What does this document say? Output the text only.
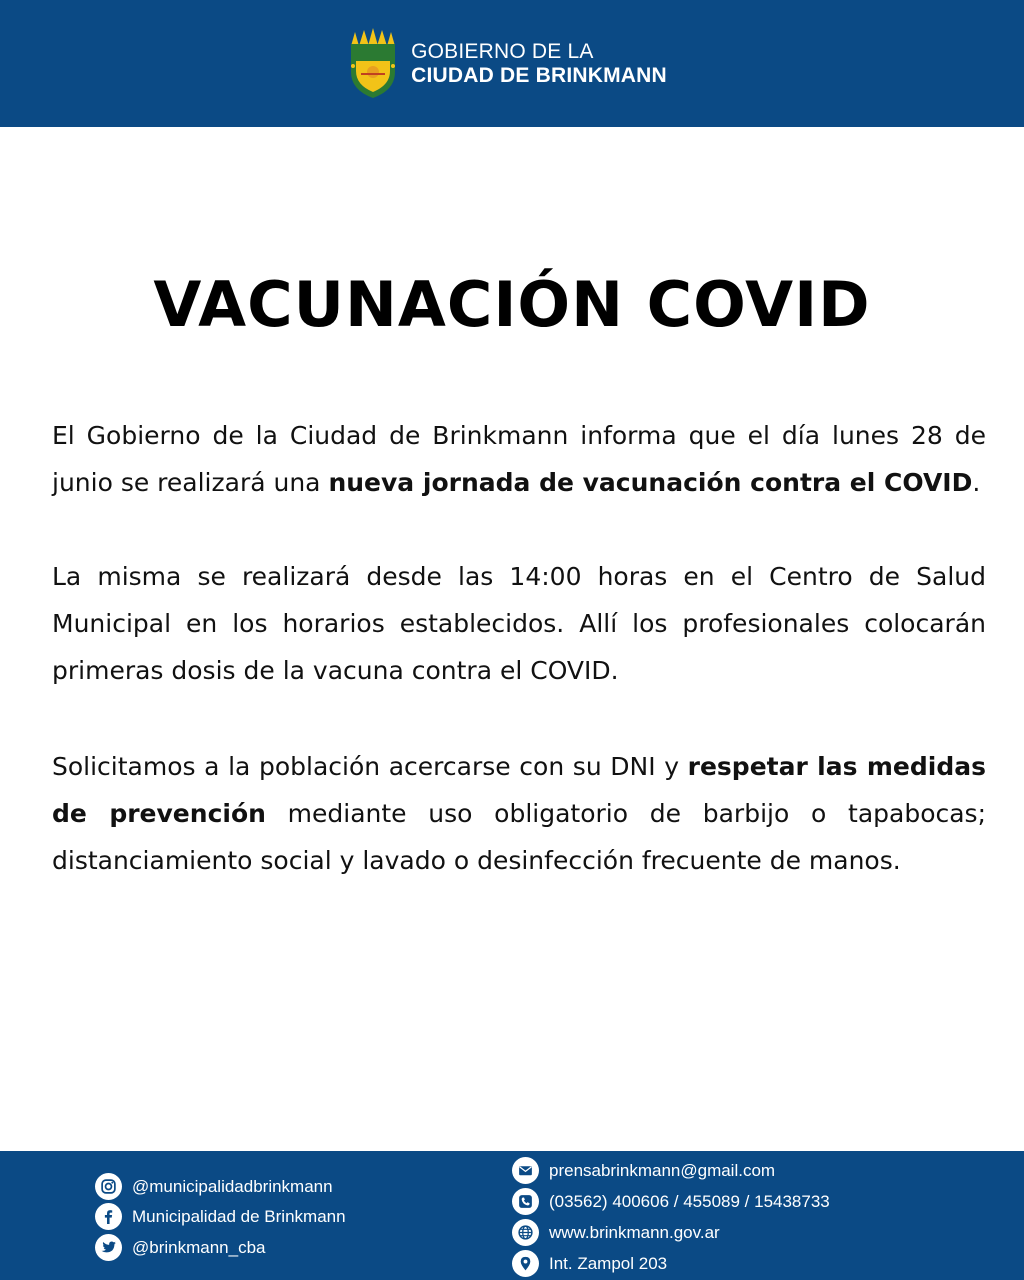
GOBIERNO DE LA
CIUDAD DE BRINKMANN
VACUNACIÓN COVID

El Gobierno de la Ciudad de Brinkmann informa que el día lunes 28 de junio se realizará una nueva jornada de vacunación contra el COVID.

La misma se realizará desde las 14:00 horas en el Centro de Salud Municipal en los horarios establecidos. Allí los profesionales colocarán primeras dosis de la vacuna contra el COVID.

Solicitamos a la población acercarse con su DNI y respetar las medidas de prevención mediante uso obligatorio de barbijo o tapabocas; distanciamiento social y lavado o desinfección frecuente de manos.

@municipalidadbrinkmann
Municipalidad de Brinkmann
@brinkmann_cba
prensabrinkmann@gmail.com
(03562) 400606 / 455089 / 15438733
www.brinkmann.gov.ar
Int. Zampol 203
